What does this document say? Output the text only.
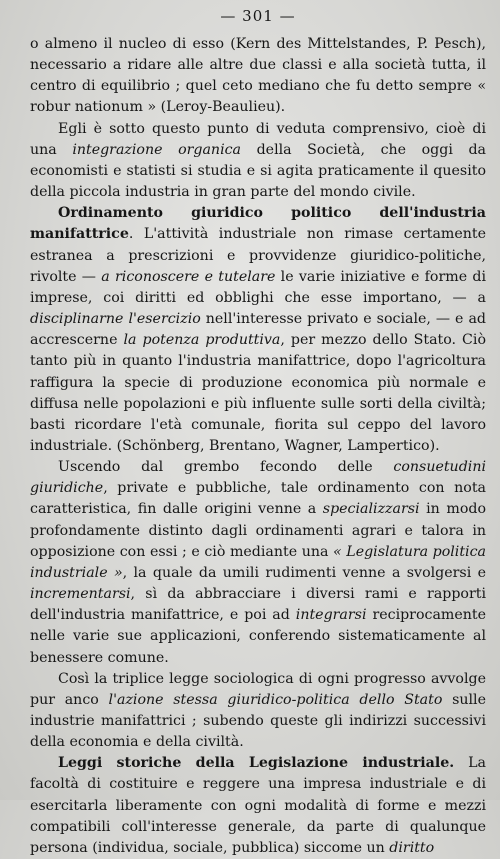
— 301 —

o almeno il nucleo di esso (Kern des Mittelstandes, P. Pesch), necessario a ridare alle altre due classi e alla società tutta, il centro di equilibrio ; quel ceto mediano che fu detto sempre « robur nationum » (Leroy-Beaulieu).

Egli è sotto questo punto di veduta comprensivo, cioè di una integrazione organica della Società, che oggi da economisti e statisti si studia e si agita praticamente il quesito della piccola industria in gran parte del mondo civile.

Ordinamento giuridico politico dell'industria manifattrice. L'attività industriale non rimase certamente estranea a prescrizioni e provvidenze giuridico-politiche, rivolte — a riconoscere e tutelare le varie iniziative e forme di imprese, coi diritti ed obblighi che esse importano, — a disciplinarne l'esercizio nell'interesse privato e sociale, — e ad accrescerne la potenza produttiva, per mezzo dello Stato. Ciò tanto più in quanto l'industria manifattrice, dopo l'agricoltura raffigura la specie di produzione economica più normale e diffusa nelle popolazioni e più influente sulle sorti della civiltà; basti ricordare l'età comunale, fiorita sul ceppo del lavoro industriale. (Schönberg, Brentano, Wagner, Lampertico).

Uscendo dal grembo fecondo delle consuetudini giuridiche, private e pubbliche, tale ordinamento con nota caratteristica, fin dalle origini venne a specializzarsi in modo profondamente distinto dagli ordinamenti agrari e talora in opposizione con essi ; e ciò mediante una « Legislatura politica industriale », la quale da umili rudimenti venne a svolgersi e incrementarsi, sì da abbracciare i diversi rami e rapporti dell'industria manifattrice, e poi ad integrarsi reciprocamente nelle varie sue applicazioni, conferendo sistematicamente al benessere comune.

Così la triplice legge sociologica di ogni progresso avvolge pur anco l'azione stessa giuridico-politica dello Stato sulle industrie manifattrici ; subendo queste gli indirizzi successivi della economia e della civiltà.

Leggi storiche della Legislazione industriale. La facoltà di costituire e reggere una impresa industriale e di esercitarla liberamente con ogni modalità di forme e mezzi compatibili coll'interesse generale, da parte di qualunque persona (individua, sociale, pubblica) siccome un diritto
